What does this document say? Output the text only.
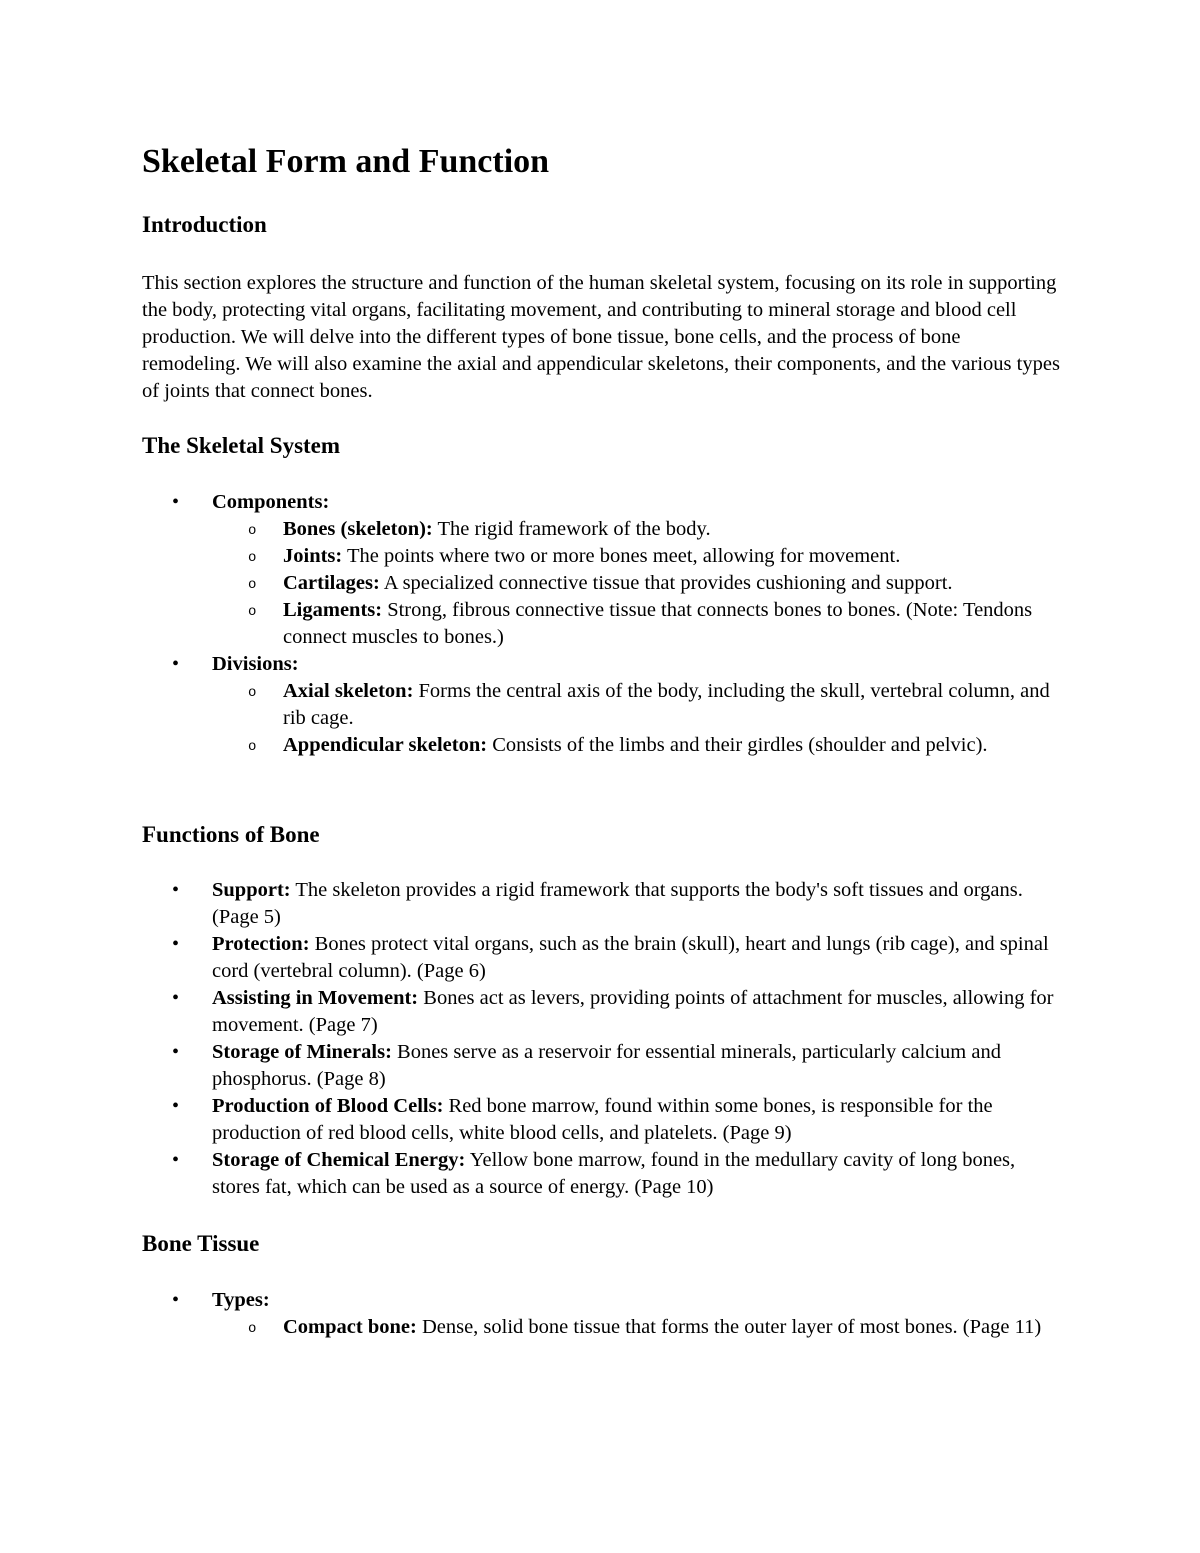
Skeletal Form and Function
Introduction

This section explores the structure and function of the human skeletal system, focusing on its role in supporting the body, protecting vital organs, facilitating movement, and contributing to mineral storage and blood cell production. We will delve into the different types of bone tissue, bone cells, and the process of bone remodeling. We will also examine the axial and appendicular skeletons, their components, and the various types of joints that connect bones.

The Skeletal System
• Components:
o Bones (skeleton): The rigid framework of the body.
o Joints: The points where two or more bones meet, allowing for movement.
o Cartilages: A specialized connective tissue that provides cushioning and support.
o Ligaments: Strong, fibrous connective tissue that connects bones to bones. (Note: Tendons connect muscles to bones.)
• Divisions:
o Axial skeleton: Forms the central axis of the body, including the skull, vertebral column, and rib cage.
o Appendicular skeleton: Consists of the limbs and their girdles (shoulder and pelvic).
Functions of Bone
• Support: The skeleton provides a rigid framework that supports the body's soft tissues and organs. (Page 5)
• Protection: Bones protect vital organs, such as the brain (skull), heart and lungs (rib cage), and spinal cord (vertebral column). (Page 6)
• Assisting in Movement: Bones act as levers, providing points of attachment for muscles, allowing for movement. (Page 7)
• Storage of Minerals: Bones serve as a reservoir for essential minerals, particularly calcium and phosphorus. (Page 8)
• Production of Blood Cells: Red bone marrow, found within some bones, is responsible for the production of red blood cells, white blood cells, and platelets. (Page 9)
• Storage of Chemical Energy: Yellow bone marrow, found in the medullary cavity of long bones, stores fat, which can be used as a source of energy. (Page 10)
Bone Tissue
• Types:
o Compact bone: Dense, solid bone tissue that forms the outer layer of most bones. (Page 11)
